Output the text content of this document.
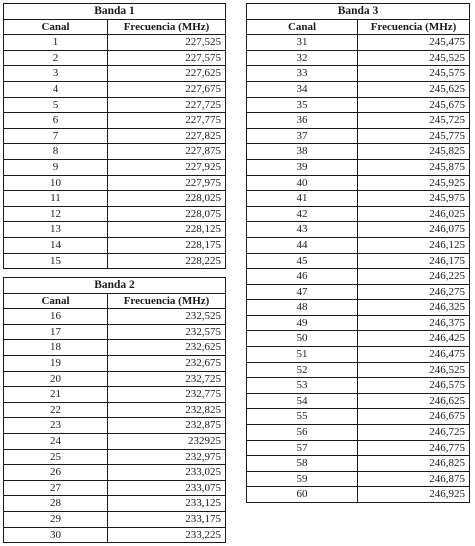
Banda 1	
Canal	Frecuencia (MHz)
1	227,525
2	227,575
3	227,625
4	227,675
5	227,725
6	227,775
7	227,825
8	227,875
9	227,925
10	227,975
11	228,025
12	228,075
13	228,125
14	228,175
15	228,225
Banda 2	
Canal	Frecuencia (MHz)
16	232,525
17	232,575
18	232,625
19	232,675
20	232,725
21	232,775
22	232,825
23	232,875
24	232925
25	232,975
26	233,025
27	233,075
28	233,125
29	233,175
30	233,225
Banda 3	
Canal	Frecuencia (MHz)
31	245,475
32	245,525
33	245,575
34	245,625
35	245,675
36	245,725
37	245,775
38	245,825
39	245,875
40	245,925
41	245,975
42	246,025
43	246,075
44	246,125
45	246,175
46	246,225
47	246,275
48	246,325
49	246,375
50	246,425
51	246,475
52	246,525
53	246,575
54	246,625
55	246,675
56	246,725
57	246,775
58	246,825
59	246,875
60	246,925
